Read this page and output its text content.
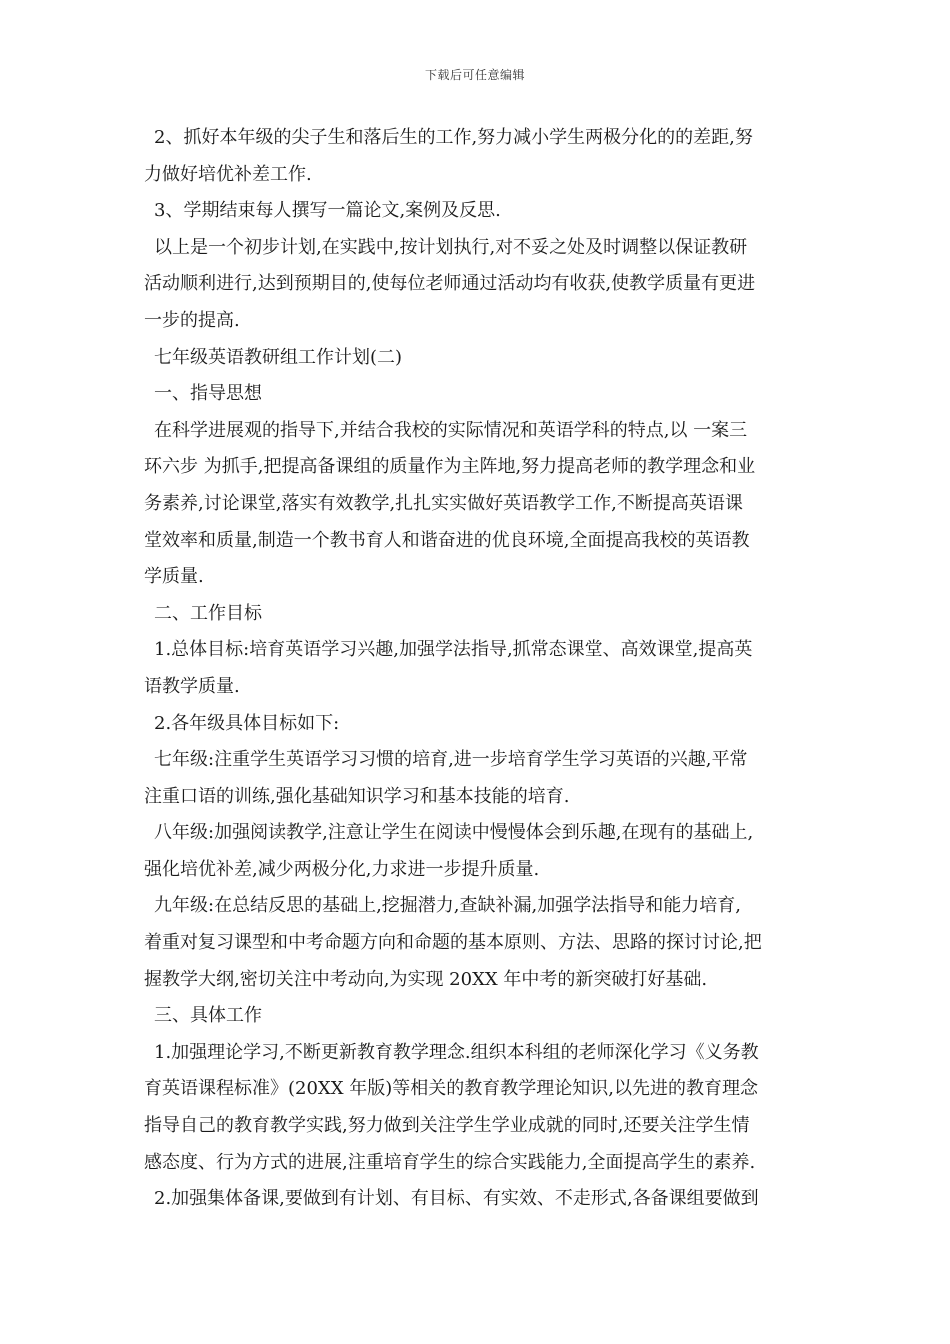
下载后可任意编辑
2、抓好本年级的尖子生和落后生的工作,努力减小学生两极分化的的差距,努
力做好培优补差工作.
3、学期结束每人撰写一篇论文,案例及反思.
以上是一个初步计划,在实践中,按计划执行,对不妥之处及时调整以保证教研
活动顺利进行,达到预期目的,使每位老师通过活动均有收获,使教学质量有更进
一步的提高.
七年级英语教研组工作计划(二)
一、指导思想
在科学进展观的指导下,并结合我校的实际情况和英语学科的特点,以 一案三
环六步 为抓手,把提高备课组的质量作为主阵地,努力提高老师的教学理念和业
务素养,讨论课堂,落实有效教学,扎扎实实做好英语教学工作,不断提高英语课
堂效率和质量,制造一个教书育人和谐奋进的优良环境,全面提高我校的英语教
学质量.
二、工作目标
1.总体目标:培育英语学习兴趣,加强学法指导,抓常态课堂、高效课堂,提高英
语教学质量.
2.各年级具体目标如下:
七年级:注重学生英语学习习惯的培育,进一步培育学生学习英语的兴趣,平常
注重口语的训练,强化基础知识学习和基本技能的培育.
八年级:加强阅读教学,注意让学生在阅读中慢慢体会到乐趣,在现有的基础上,
强化培优补差,减少两极分化,力求进一步提升质量.
九年级:在总结反思的基础上,挖掘潜力,查缺补漏,加强学法指导和能力培育,
着重对复习课型和中考命题方向和命题的基本原则、方法、思路的探讨讨论,把
握教学大纲,密切关注中考动向,为实现 20XX 年中考的新突破打好基础.
三、具体工作
1.加强理论学习,不断更新教育教学理念.组织本科组的老师深化学习《义务教
育英语课程标准》(20XX 年版)等相关的教育教学理论知识,以先进的教育理念
指导自己的教育教学实践,努力做到关注学生学业成就的同时,还要关注学生情
感态度、行为方式的进展,注重培育学生的综合实践能力,全面提高学生的素养.
2.加强集体备课,要做到有计划、有目标、有实效、不走形式,各备课组要做到
